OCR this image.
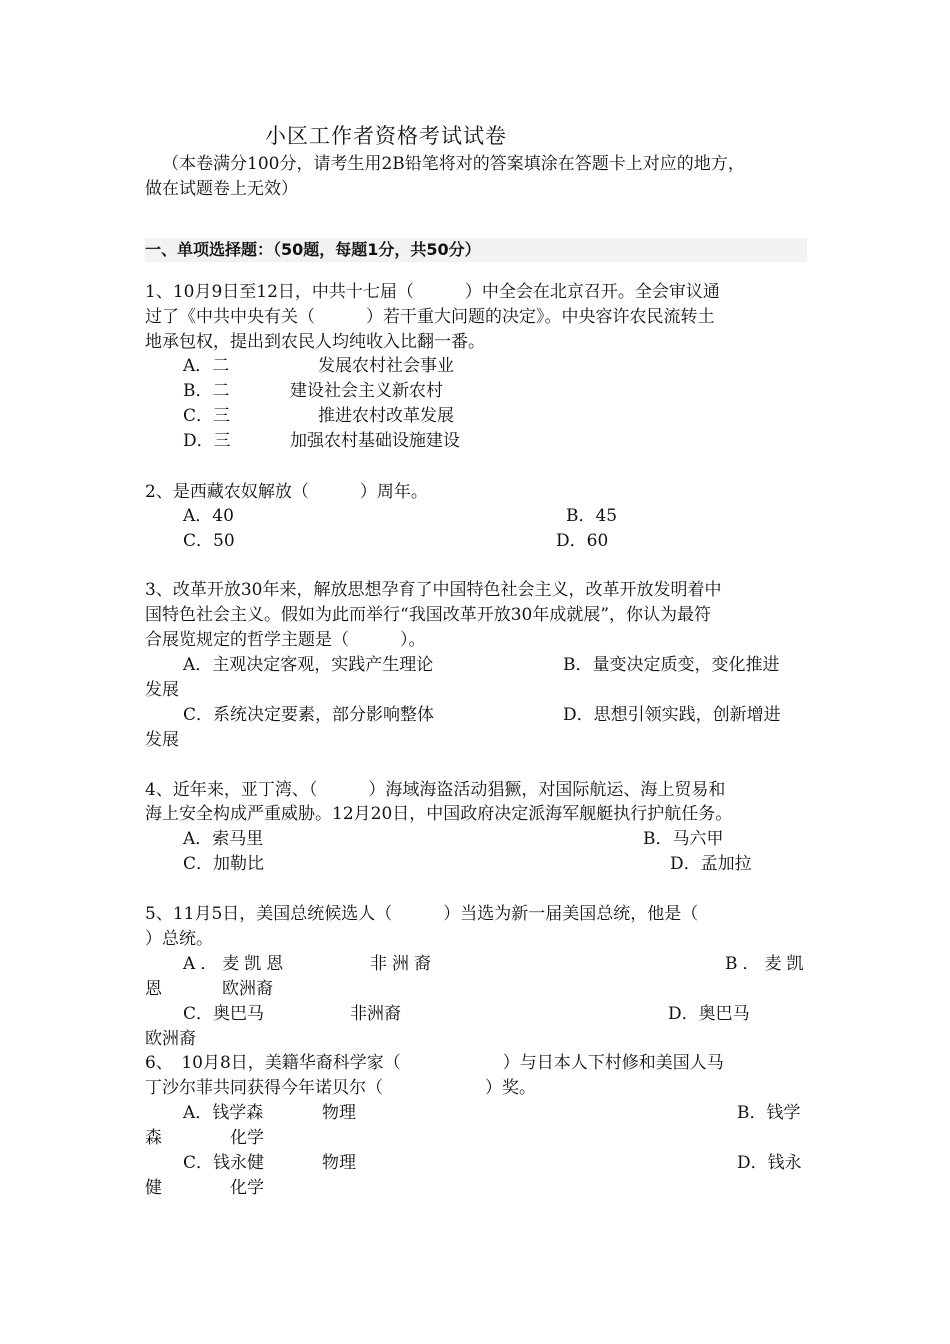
小区工作者资格考试试卷
（本卷满分100分，请考生用2B铅笔将对的答案填涂在答题卡上对应的地方，
做在试题卷上无效）
一、单项选择题：（50题，每题1分，共50分）
1、10月9日至12日，中共十七届（　　　）中全会在北京召开。全会审议通
过了《中共中央有关（　　　）若干重大问题的决定》。中央容许农民流转土
地承包权，提出到农民人均纯收入比翻一番。
A．二	发展农村社会事业
B．二	建设社会主义新农村
C．三	推进农村改革发展
D．三	加强农村基础设施建设
2、是西藏农奴解放（　　　）周年。
A．40	B．45
C．50	D．60
3、改革开放30年来，解放思想孕育了中国特色社会主义，改革开放发明着中
国特色社会主义。假如为此而举行“我国改革开放30年成就展”，你认为最符
合展览规定的哲学主题是（　　　）。
A．主观决定客观，实践产生理论	B．量变决定质变，变化推进
发展
C．系统决定要素，部分影响整体	D．思想引领实践，创新增进
发展
4、近年来，亚丁湾、（　　　）海域海盗活动猖獗，对国际航运、海上贸易和
海上安全构成严重威胁。12月20日，中国政府决定派海军舰艇执行护航任务。
A．索马里	B．马六甲
C．加勒比	D．孟加拉
5、11月5日，美国总统候选人（　　　）当选为新一届美国总统，他是（
）总统。
A．麦凯恩	非洲裔	B．麦凯
恩	欧洲裔
C．奥巴马	非洲裔	D．奥巴马
欧洲裔
6、　10月8日，美籍华裔科学家（　　　　　　）与日本人下村修和美国人马
丁沙尔菲共同获得今年诺贝尔（　　　　　　）奖。
A．钱学森	物理	B．钱学
森	化学
C．钱永健	物理	D．钱永
健	化学
